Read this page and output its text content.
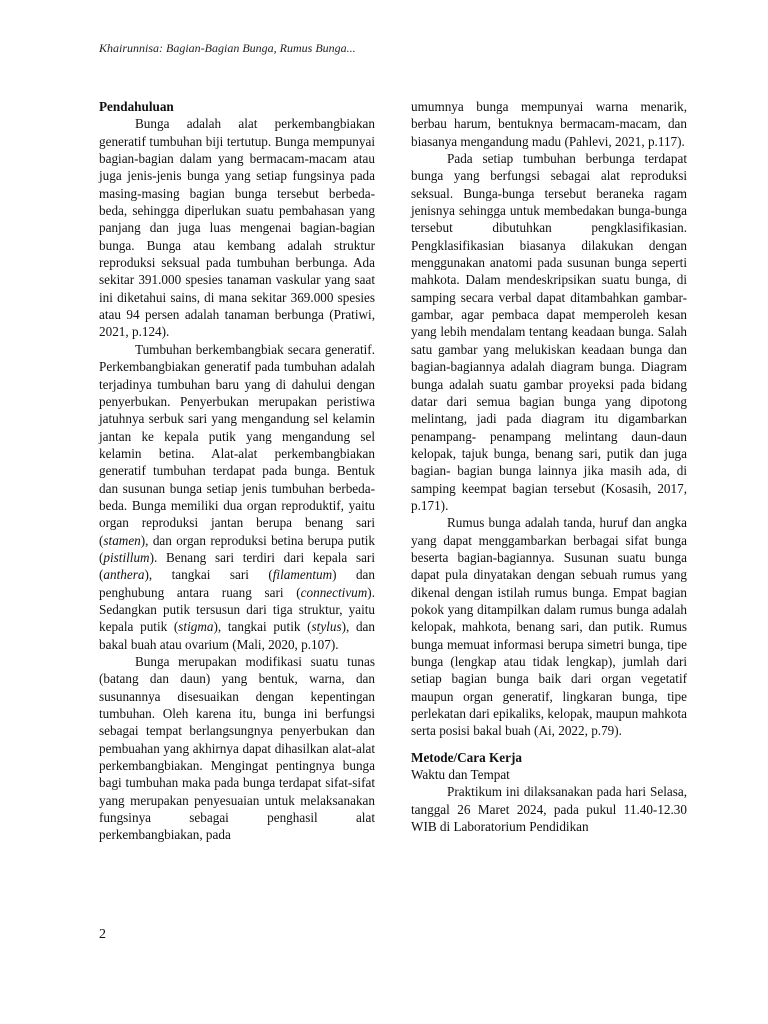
Khairunnisa: Bagian-Bagian Bunga, Rumus Bunga...

Pendahuluan

Bunga adalah alat perkembangbiakan generatif tumbuhan biji tertutup. Bunga mempunyai bagian-bagian dalam yang bermacam-macam atau juga jenis-jenis bunga yang setiap fungsinya pada masing-masing bagian bunga tersebut berbeda-beda, sehingga diperlukan suatu pembahasan yang panjang dan juga luas mengenai bagian-bagian bunga. Bunga atau kembang adalah struktur reproduksi seksual pada tumbuhan berbunga. Ada sekitar 391.000 spesies tanaman vaskular yang saat ini diketahui sains, di mana sekitar 369.000 spesies atau 94 persen adalah tanaman berbunga (Pratiwi, 2021, p.124).

Tumbuhan berkembangbiak secara generatif. Perkembangbiakan generatif pada tumbuhan adalah terjadinya tumbuhan baru yang di dahului dengan penyerbukan. Penyerbukan merupakan peristiwa jatuhnya serbuk sari yang mengandung sel kelamin jantan ke kepala putik yang mengandung sel kelamin betina. Alat-alat perkembangbiakan generatif tumbuhan terdapat pada bunga. Bentuk dan susunan bunga setiap jenis tumbuhan berbeda-beda. Bunga memiliki dua organ reproduktif, yaitu organ reproduksi jantan berupa benang sari (stamen), dan organ reproduksi betina berupa putik (pistillum). Benang sari terdiri dari kepala sari (anthera), tangkai sari (filamentum) dan penghubung antara ruang sari (connectivum). Sedangkan putik tersusun dari tiga struktur, yaitu kepala putik (stigma), tangkai putik (stylus), dan bakal buah atau ovarium (Mali, 2020, p.107).

Bunga merupakan modifikasi suatu tunas (batang dan daun) yang bentuk, warna, dan susunannya disesuaikan dengan kepentingan tumbuhan. Oleh karena itu, bunga ini berfungsi sebagai tempat berlangsungnya penyerbukan dan pembuahan yang akhirnya dapat dihasilkan alat-alat perkembangbiakan. Mengingat pentingnya bunga bagi tumbuhan maka pada bunga terdapat sifat-sifat yang merupakan penyesuaian untuk melaksanakan fungsinya sebagai penghasil alat perkembangbiakan, pada

umumnya bunga mempunyai warna menarik, berbau harum, bentuknya bermacam-macam, dan biasanya mengandung madu (Pahlevi, 2021, p.117).

Pada setiap tumbuhan berbunga terdapat bunga yang berfungsi sebagai alat reproduksi seksual. Bunga-bunga tersebut beraneka ragam jenisnya sehingga untuk membedakan bunga-bunga tersebut dibutuhkan pengklasifikasian. Pengklasifikasian biasanya dilakukan dengan menggunakan anatomi pada susunan bunga seperti mahkota. Dalam mendeskripsikan suatu bunga, di samping secara verbal dapat ditambahkan gambar-gambar, agar pembaca dapat memperoleh kesan yang lebih mendalam tentang keadaan bunga. Salah satu gambar yang melukiskan keadaan bunga dan bagian-bagiannya adalah diagram bunga. Diagram bunga adalah suatu gambar proyeksi pada bidang datar dari semua bagian bunga yang dipotong melintang, jadi pada diagram itu digambarkan penampang- penampang melintang daun-daun kelopak, tajuk bunga, benang sari, putik dan juga bagian- bagian bunga lainnya jika masih ada, di samping keempat bagian tersebut (Kosasih, 2017, p.171).

Rumus bunga adalah tanda, huruf dan angka yang dapat menggambarkan berbagai sifat bunga beserta bagian-bagiannya. Susunan suatu bunga dapat pula dinyatakan dengan sebuah rumus yang dikenal dengan istilah rumus bunga. Empat bagian pokok yang ditampilkan dalam rumus bunga adalah kelopak, mahkota, benang sari, dan putik. Rumus bunga memuat informasi berupa simetri bunga, tipe bunga (lengkap atau tidak lengkap), jumlah dari setiap bagian bunga baik dari organ vegetatif maupun organ generatif, lingkaran bunga, tipe perlekatan dari epikaliks, kelopak, maupun mahkota serta posisi bakal buah (Ai, 2022, p.79).

Metode/Cara Kerja

Waktu dan Tempat

Praktikum ini dilaksanakan pada hari Selasa, tanggal 26 Maret 2024, pada pukul 11.40-12.30 WIB di Laboratorium Pendidikan

2
